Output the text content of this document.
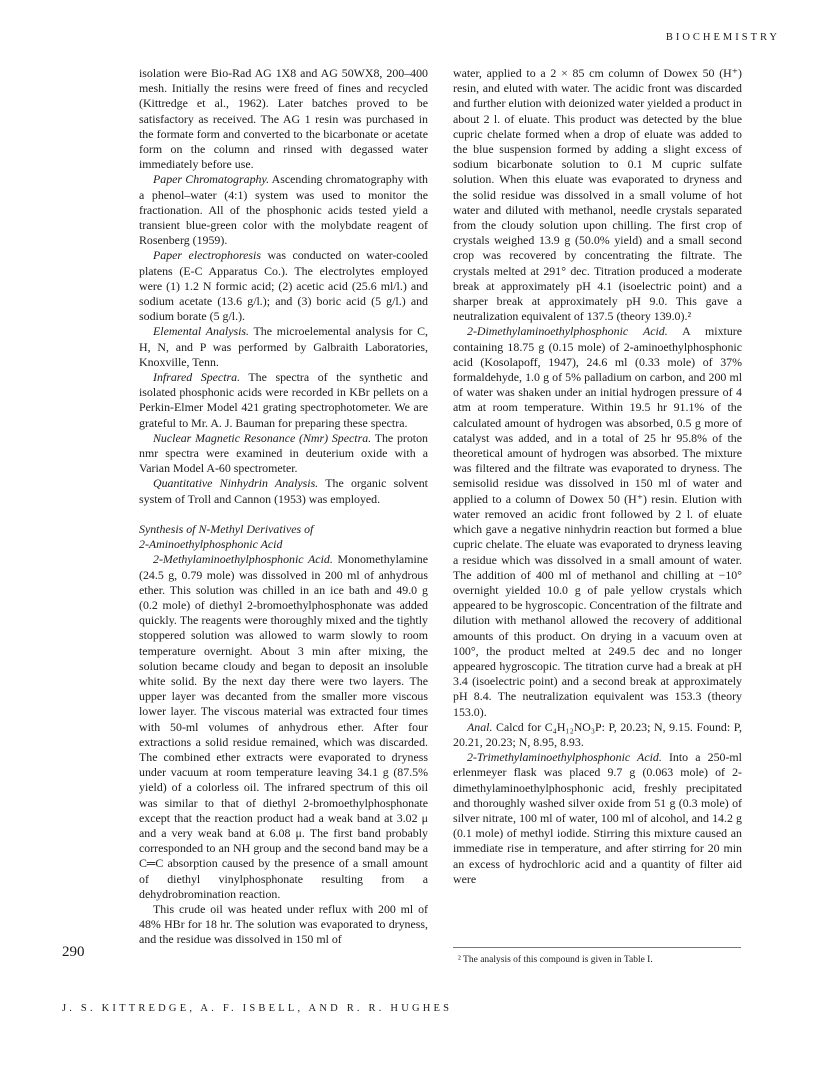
BIOCHEMISTRY

isolation were Bio-Rad AG 1X8 and AG 50WX8, 200–400 mesh. Initially the resins were freed of fines and recycled (Kittredge et al., 1962). Later batches proved to be satisfactory as received. The AG 1 resin was purchased in the formate form and converted to the bicarbonate or acetate form on the column and rinsed with degassed water immediately before use.

Paper Chromatography. Ascending chromatography with a phenol–water (4:1) system was used to monitor the fractionation. All of the phosphonic acids tested yield a transient blue-green color with the molybdate reagent of Rosenberg (1959).

Paper electrophoresis was conducted on water-cooled platens (E-C Apparatus Co.). The electrolytes employed were (1) 1.2 N formic acid; (2) acetic acid (25.6 ml/l.) and sodium acetate (13.6 g/l.); and (3) boric acid (5 g/l.) and sodium borate (5 g/l.).

Elemental Analysis. The microelemental analysis for C, H, N, and P was performed by Galbraith Laboratories, Knoxville, Tenn.

Infrared Spectra. The spectra of the synthetic and isolated phosphonic acids were recorded in KBr pellets on a Perkin-Elmer Model 421 grating spectrophotometer. We are grateful to Mr. A. J. Bauman for preparing these spectra.

Nuclear Magnetic Resonance (Nmr) Spectra. The proton nmr spectra were examined in deuterium oxide with a Varian Model A-60 spectrometer.

Quantitative Ninhydrin Analysis. The organic solvent system of Troll and Cannon (1953) was employed.

Synthesis of N-Methyl Derivatives of
2-Aminoethylphosphonic Acid

2-Methylaminoethylphosphonic Acid. Monomethylamine (24.5 g, 0.79 mole) was dissolved in 200 ml of anhydrous ether. This solution was chilled in an ice bath and 49.0 g (0.2 mole) of diethyl 2-bromoethylphosphonate was added quickly. The reagents were thoroughly mixed and the tightly stoppered solution was allowed to warm slowly to room temperature overnight. About 3 min after mixing, the solution became cloudy and began to deposit an insoluble white solid. By the next day there were two layers. The upper layer was decanted from the smaller more viscous lower layer. The viscous material was extracted four times with 50-ml volumes of anhydrous ether. After four extractions a solid residue remained, which was discarded. The combined ether extracts were evaporated to dryness under vacuum at room temperature leaving 34.1 g (87.5% yield) of a colorless oil. The infrared spectrum of this oil was similar to that of diethyl 2-bromoethylphosphonate except that the reaction product had a weak band at 3.02 μ and a very weak band at 6.08 μ. The first band probably corresponded to an NH group and the second band may be a C═C absorption caused by the presence of a small amount of diethyl vinylphosphonate resulting from a dehydrobromination reaction.

This crude oil was heated under reflux with 200 ml of 48% HBr for 18 hr. The solution was evaporated to dryness, and the residue was dissolved in 150 ml of

water, applied to a 2 × 85 cm column of Dowex 50 (H⁺) resin, and eluted with water. The acidic front was discarded and further elution with deionized water yielded a product in about 2 l. of eluate. This product was detected by the blue cupric chelate formed when a drop of eluate was added to the blue suspension formed by adding a slight excess of sodium bicarbonate solution to 0.1 M cupric sulfate solution. When this eluate was evaporated to dryness and the solid residue was dissolved in a small volume of hot water and diluted with methanol, needle crystals separated from the cloudy solution upon chilling. The first crop of crystals weighed 13.9 g (50.0% yield) and a small second crop was recovered by concentrating the filtrate. The crystals melted at 291° dec. Titration produced a moderate break at approximately pH 4.1 (isoelectric point) and a sharper break at approximately pH 9.0. This gave a neutralization equivalent of 137.5 (theory 139.0).²

2-Dimethylaminoethylphosphonic Acid. A mixture containing 18.75 g (0.15 mole) of 2-aminoethylphosphonic acid (Kosolapoff, 1947), 24.6 ml (0.33 mole) of 37% formaldehyde, 1.0 g of 5% palladium on carbon, and 200 ml of water was shaken under an initial hydrogen pressure of 4 atm at room temperature. Within 19.5 hr 91.1% of the calculated amount of hydrogen was absorbed, 0.5 g more of catalyst was added, and in a total of 25 hr 95.8% of the theoretical amount of hydrogen was absorbed. The mixture was filtered and the filtrate was evaporated to dryness. The semisolid residue was dissolved in 150 ml of water and applied to a column of Dowex 50 (H⁺) resin. Elution with water removed an acidic front followed by 2 l. of eluate which gave a negative ninhydrin reaction but formed a blue cupric chelate. The eluate was evaporated to dryness leaving a residue which was dissolved in a small amount of water. The addition of 400 ml of methanol and chilling at −10° overnight yielded 10.0 g of pale yellow crystals which appeared to be hygroscopic. Concentration of the filtrate and dilution with methanol allowed the recovery of additional amounts of this product. On drying in a vacuum oven at 100°, the product melted at 249.5 dec and no longer appeared hygroscopic. The titration curve had a break at pH 3.4 (isoelectric point) and a second break at approximately pH 8.4. The neutralization equivalent was 153.3 (theory 153.0).

Anal. Calcd for C₄H₁₂NO₃P: P, 20.23; N, 9.15. Found: P, 20.21, 20.23; N, 8.95, 8.93.

2-Trimethylaminoethylphosphonic Acid. Into a 250-ml erlenmeyer flask was placed 9.7 g (0.063 mole) of 2-dimethylaminoethylphosphonic acid, freshly precipitated and thoroughly washed silver oxide from 51 g (0.3 mole) of silver nitrate, 100 ml of water, 100 ml of alcohol, and 14.2 g (0.1 mole) of methyl iodide. Stirring this mixture caused an immediate rise in temperature, and after stirring for 20 min an excess of hydrochloric acid and a quantity of filter aid were

290	² The analysis of this compound is given in Table I.
J. S. KITTREDGE, A. F. ISBELL, AND R. R. HUGHES
